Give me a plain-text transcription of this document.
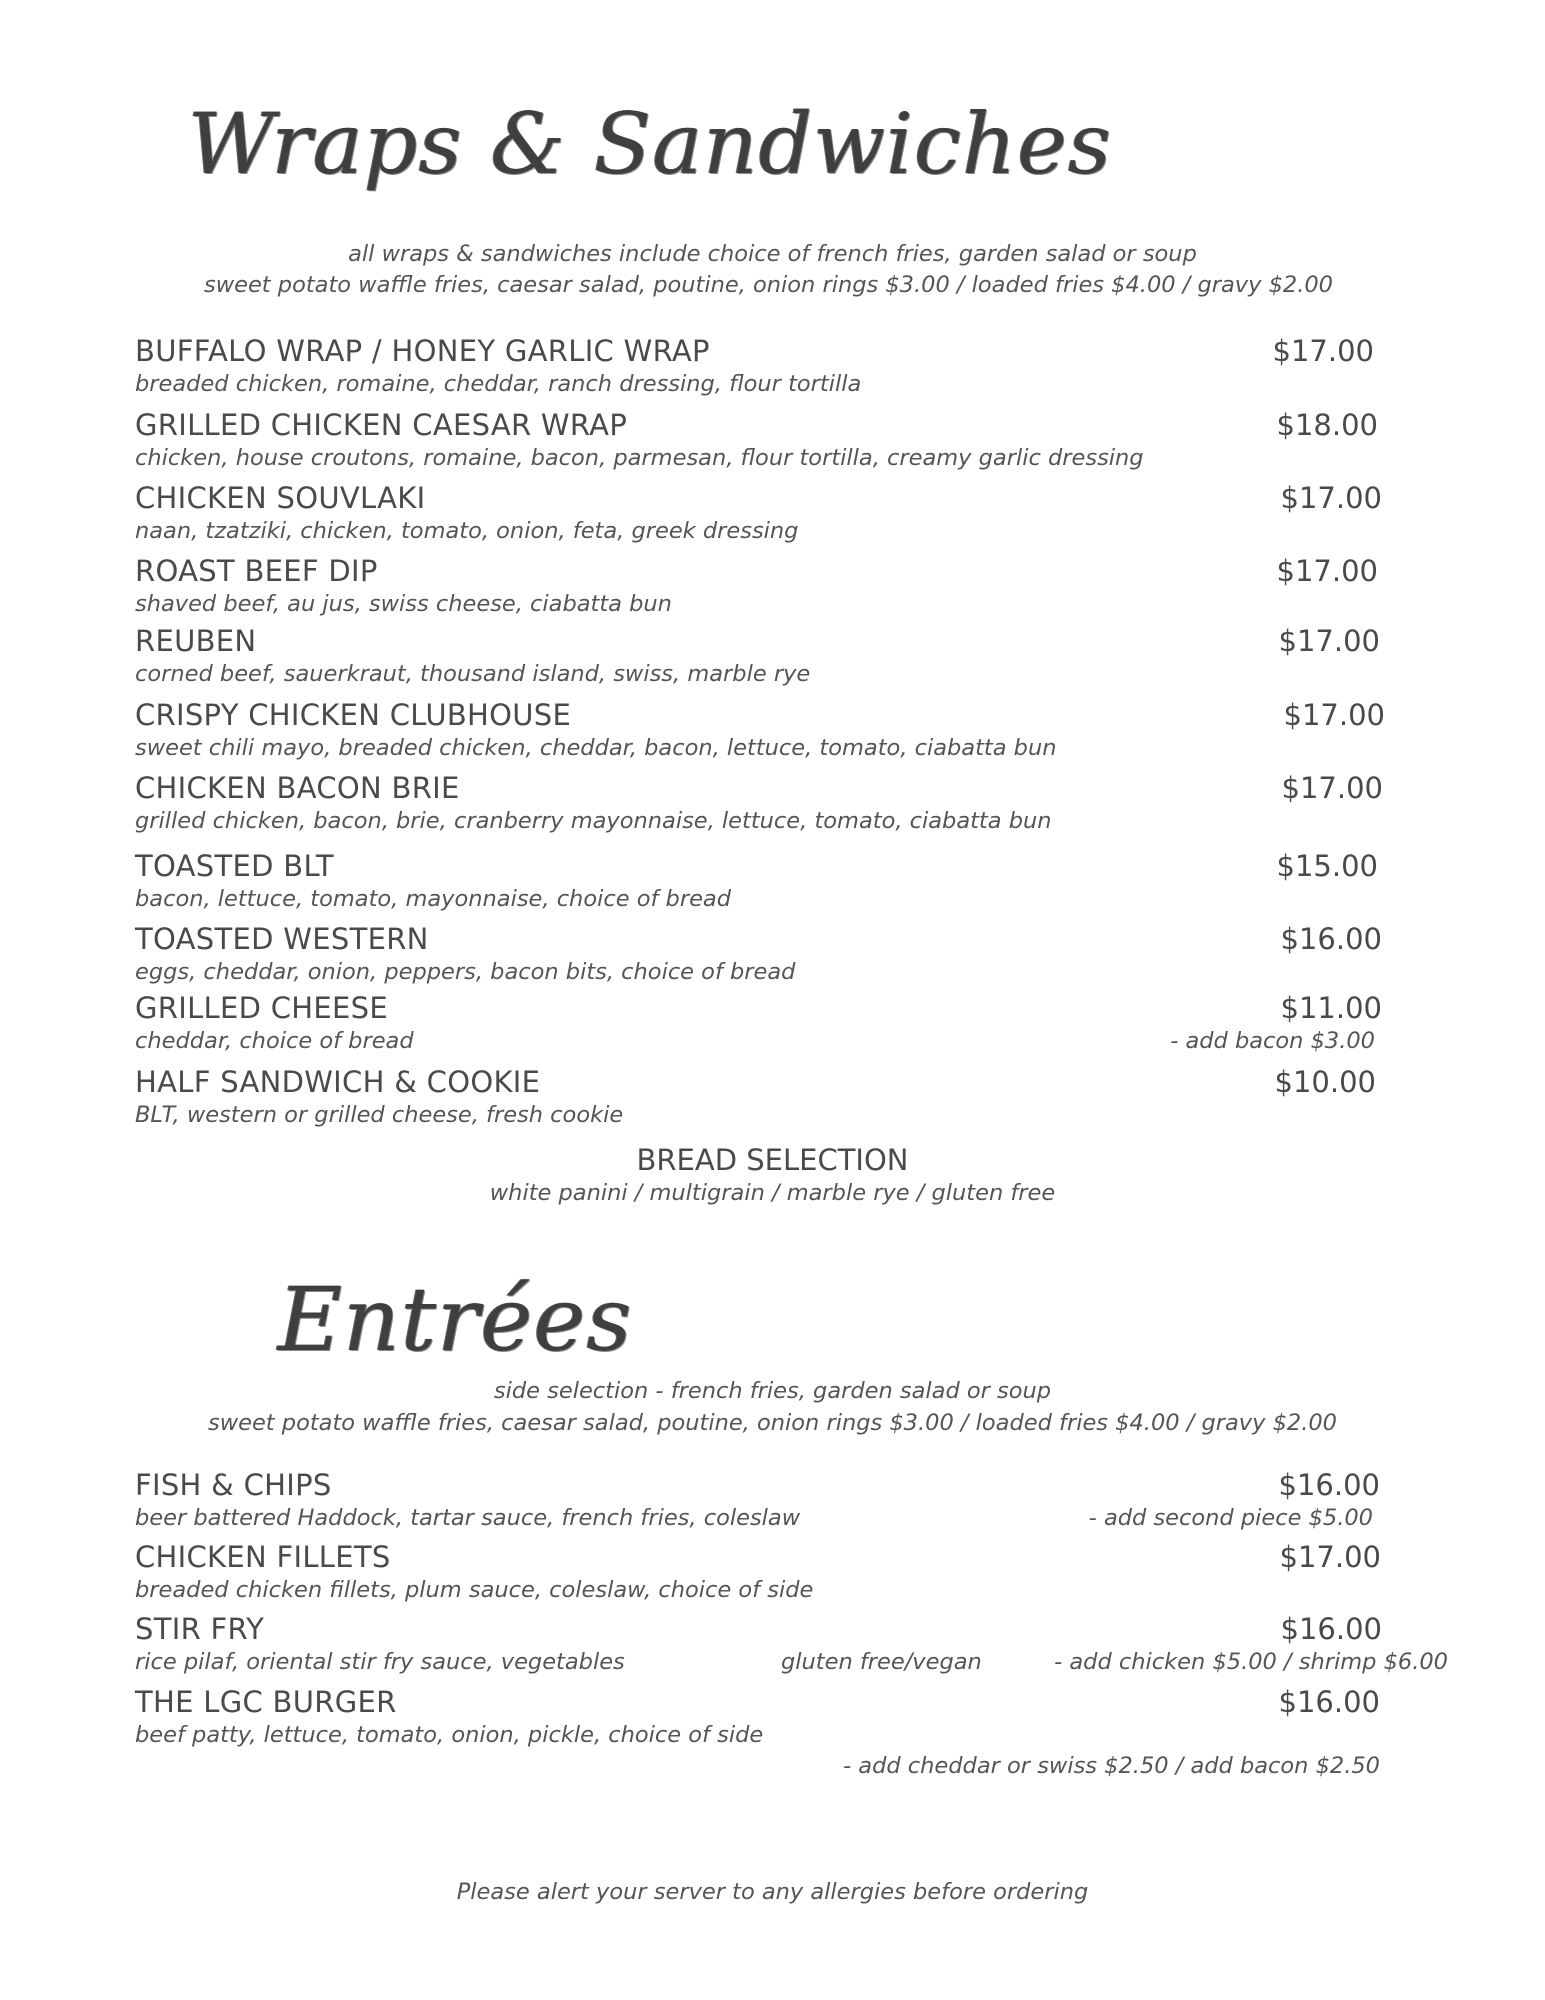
Wraps & Sandwiches
all wraps & sandwiches include choice of french fries, garden salad or soup
sweet potato waffle fries, caesar salad, poutine, onion rings $3.00 / loaded fries $4.00 / gravy $2.00
BUFFALO WRAP / HONEY GARLIC WRAP
breaded chicken, romaine, cheddar, ranch dressing, flour tortilla
$17.00
GRILLED CHICKEN CAESAR WRAP
chicken, house croutons, romaine, bacon, parmesan, flour tortilla, creamy garlic dressing
$18.00
CHICKEN SOUVLAKI
naan, tzatziki, chicken, tomato, onion, feta, greek dressing
$17.00
ROAST BEEF DIP
shaved beef, au jus, swiss cheese, ciabatta bun
$17.00
REUBEN
corned beef, sauerkraut, thousand island, swiss, marble rye
$17.00
CRISPY CHICKEN CLUBHOUSE
sweet chili mayo, breaded chicken, cheddar, bacon, lettuce, tomato, ciabatta bun
$17.00
CHICKEN BACON BRIE
grilled chicken, bacon, brie, cranberry mayonnaise, lettuce, tomato, ciabatta bun
$17.00
TOASTED BLT
bacon, lettuce, tomato, mayonnaise, choice of bread
$15.00
TOASTED WESTERN
eggs, cheddar, onion, peppers, bacon bits, choice of bread
$16.00
GRILLED CHEESE
cheddar, choice of bread
$11.00
- add bacon $3.00
HALF SANDWICH & COOKIE
BLT, western or grilled cheese, fresh cookie
$10.00
BREAD SELECTION
white panini / multigrain / marble rye / gluten free
Entrées
side selection - french fries, garden salad or soup
sweet potato waffle fries, caesar salad, poutine, onion rings $3.00 / loaded fries $4.00 / gravy $2.00
FISH & CHIPS
beer battered Haddock, tartar sauce, french fries, coleslaw
$16.00
- add second piece $5.00
CHICKEN FILLETS
breaded chicken fillets, plum sauce, coleslaw, choice of side
$17.00
STIR FRY
rice pilaf, oriental stir fry sauce, vegetables	gluten free/vegan
$16.00
- add chicken $5.00 / shrimp $6.00
THE LGC BURGER
beef patty, lettuce, tomato, onion, pickle, choice of side
$16.00
- add cheddar or swiss $2.50 / add bacon $2.50
Please alert your server to any allergies before ordering
